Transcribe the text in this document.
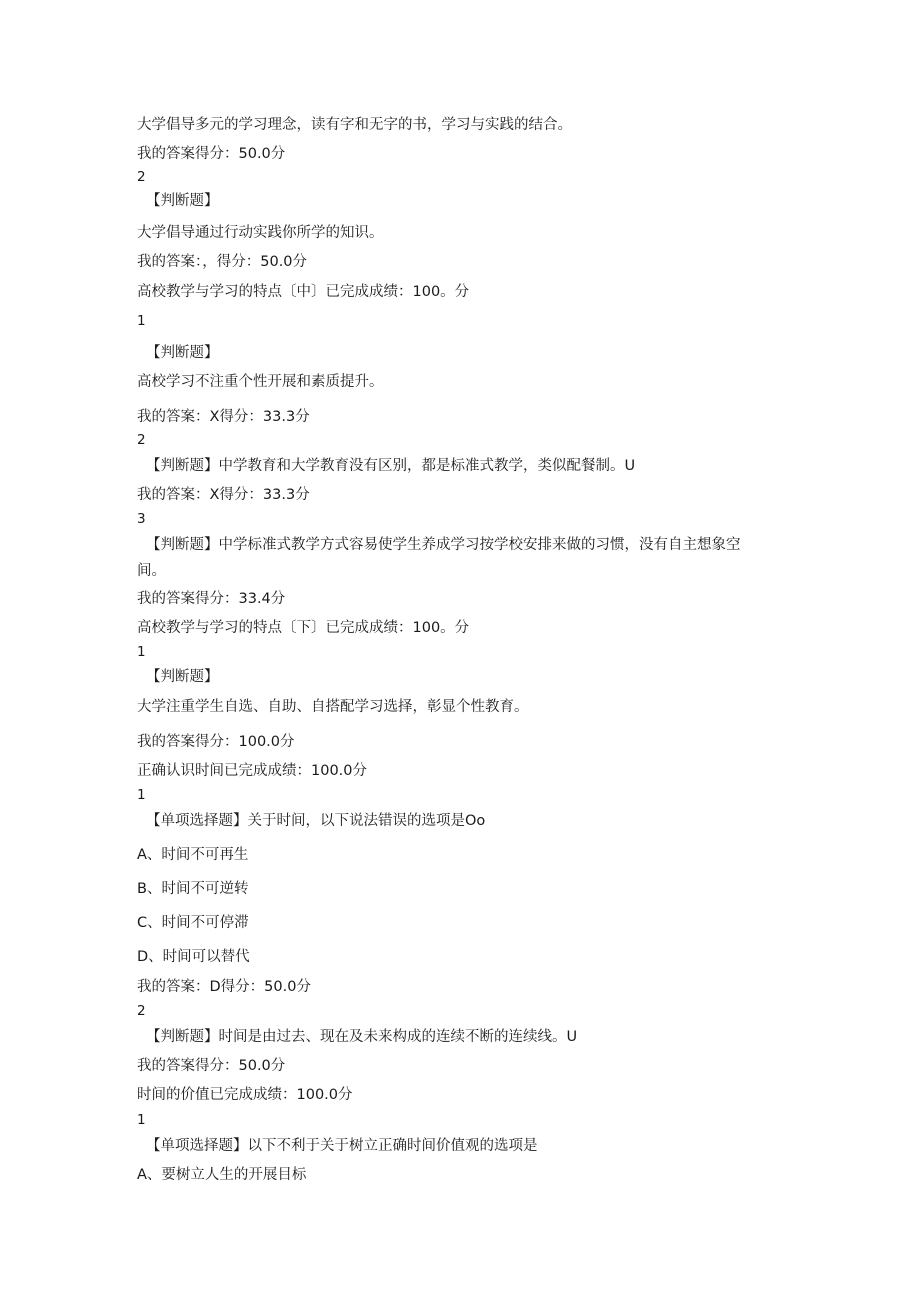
大学倡导多元的学习理念，读有字和无字的书，学习与实践的结合。
我的答案得分：50.0分
2
【判断题】
大学倡导通过行动实践你所学的知识。
我的答案：，得分：50.0分
高校教学与学习的特点〔中〕已完成成绩：100。分
1
【判断题】
高校学习不注重个性开展和素质提升。
我的答案：X得分：33.3分
2
【判断题】中学教育和大学教育没有区别，都是标准式教学，类似配餐制。U
我的答案：X得分：33.3分
3
【判断题】中学标准式教学方式容易使学生养成学习按学校安排来做的习惯，没有自主想象空
间。
我的答案得分：33.4分
高校教学与学习的特点〔下〕已完成成绩：100。分
1
【判断题】
大学注重学生自选、自助、自搭配学习选择，彰显个性教育。
我的答案得分：100.0分
正确认识时间已完成成绩：100.0分
1
【单项选择题】关于时间，以下说法错误的选项是Oo
A、时间不可再生
B、时间不可逆转
C、时间不可停滞
D、时间可以替代
我的答案：D得分：50.0分
2
【判断题】时间是由过去、现在及未来构成的连续不断的连续线。U
我的答案得分：50.0分
时间的价值已完成成绩：100.0分
1
【单项选择题】以下不利于关于树立正确时间价值观的选项是
A、要树立人生的开展目标
